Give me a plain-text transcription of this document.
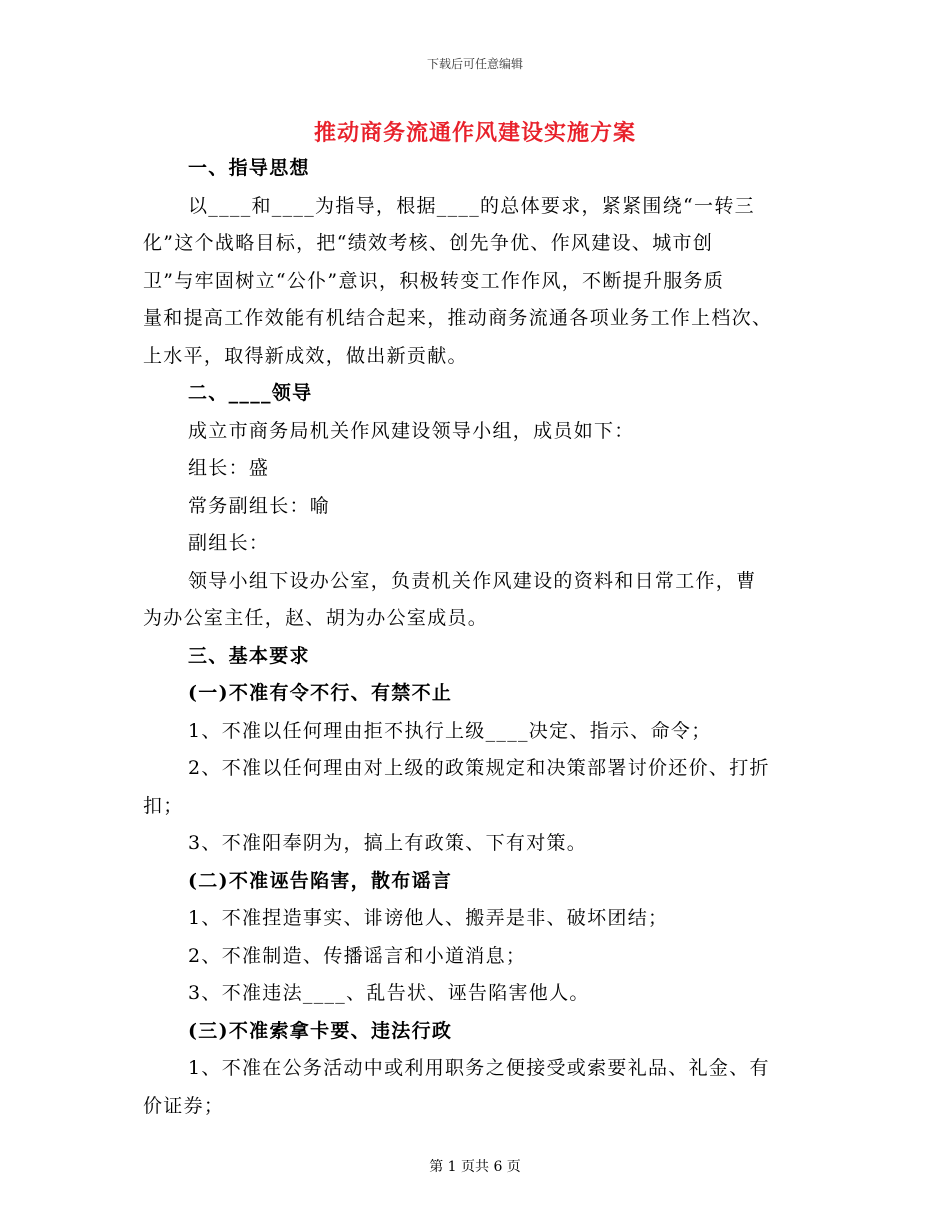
下载后可任意编辑
推动商务流通作风建设实施方案
一、指导思想
以____和____为指导，根据____的总体要求，紧紧围绕“一转三
化”这个战略目标，把“绩效考核、创先争优、作风建设、城市创
卫”与牢固树立“公仆”意识，积极转变工作作风，不断提升服务质
量和提高工作效能有机结合起来，推动商务流通各项业务工作上档次、
上水平，取得新成效，做出新贡献。
二、____领导
成立市商务局机关作风建设领导小组，成员如下：
组长：盛
常务副组长：喻
副组长：
领导小组下设办公室，负责机关作风建设的资料和日常工作，曹
为办公室主任，赵、胡为办公室成员。
三、基本要求
(一)不准有令不行、有禁不止
1、不准以任何理由拒不执行上级____决定、指示、命令；
2、不准以任何理由对上级的政策规定和决策部署讨价还价、打折
扣；
3、不准阳奉阴为，搞上有政策、下有对策。
(二)不准诬告陷害，散布谣言
1、不准捏造事实、诽谤他人、搬弄是非、破坏团结；
2、不准制造、传播谣言和小道消息；
3、不准违法____、乱告状、诬告陷害他人。
(三)不准索拿卡要、违法行政
1、不准在公务活动中或利用职务之便接受或索要礼品、礼金、有
价证券；
第 1 页共 6 页
